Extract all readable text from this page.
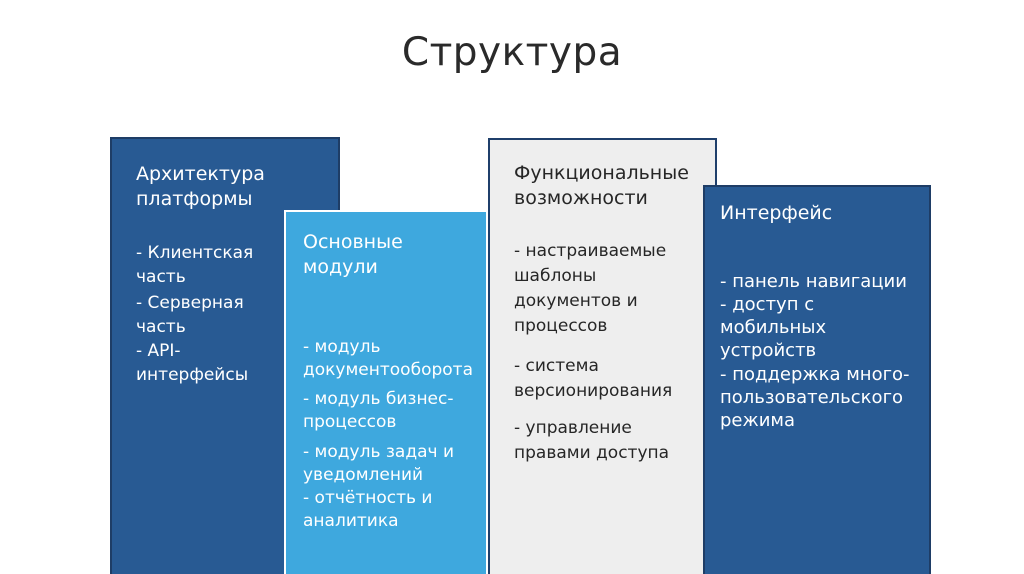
Структура
Архитектура
платформы
- Клиентская
часть
- Серверная
часть
- API-
интерфейсы
Функциональные
возможности
- настраиваемые
шаблоны
документов и
процессов
- система
версионирования
- управление
правами доступа
Основные
модули
- модуль
документооборота
- модуль бизнес-
процессов
- модуль задач и
уведомлений
- отчётность и
аналитика
Интерфейс
- панель навигации
- доступ с
мобильных
устройств
- поддержка много-
пользовательского
режима
